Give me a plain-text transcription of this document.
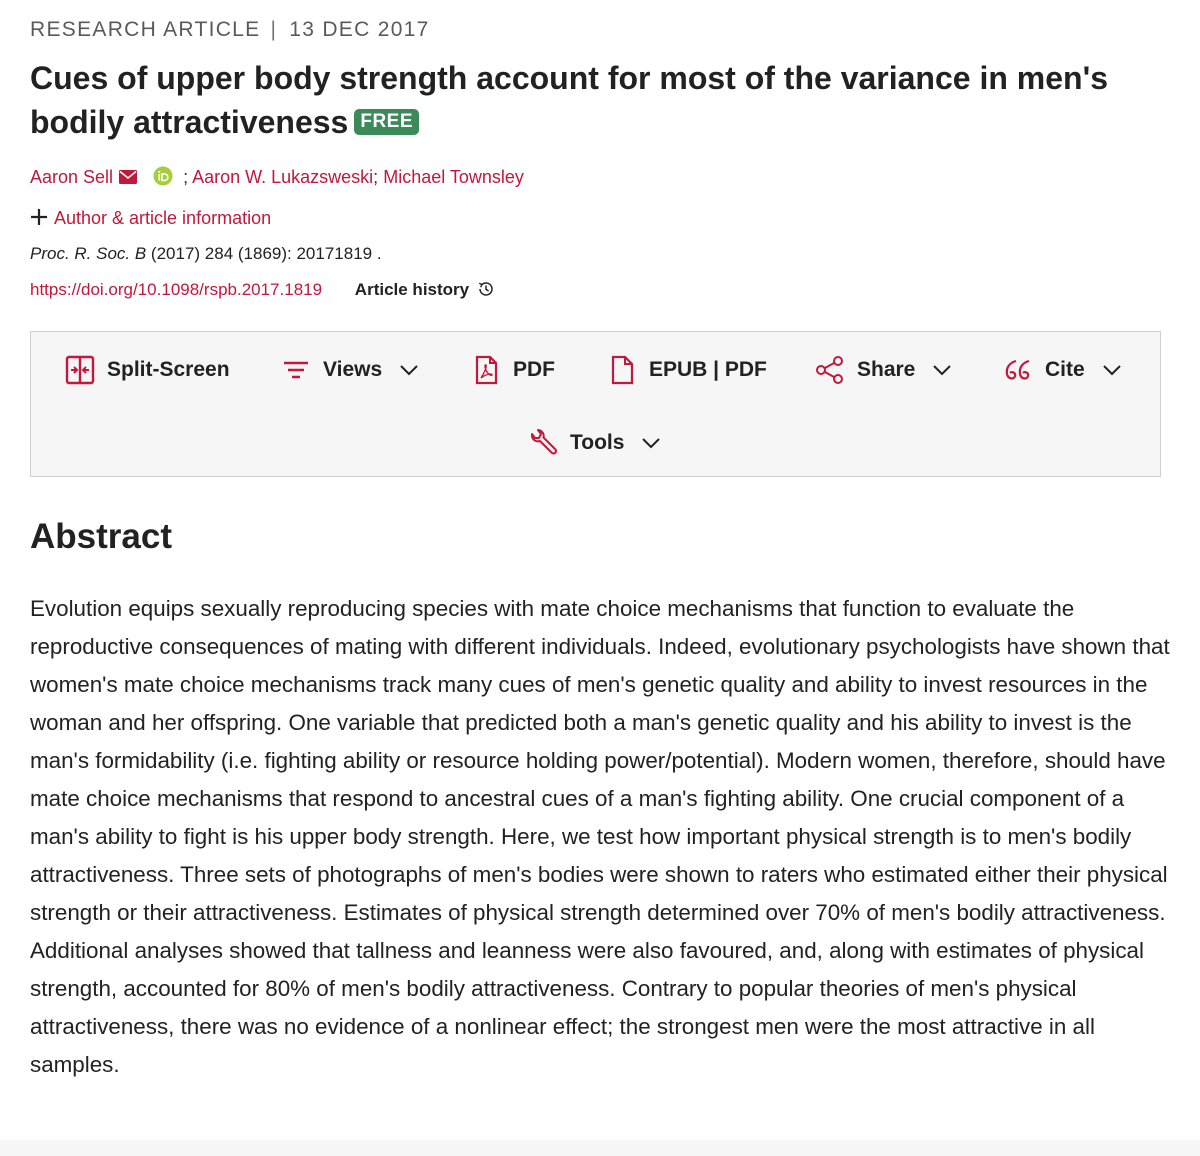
RESEARCH ARTICLE | 13 DEC 2017
Cues of upper body strength account for most of the variance in men's bodily attractiveness FREE
Aaron Sell	; Aaron W. Lukazsweski; Michael Townsley
Author & article information
Proc. R. Soc. B (2017) 284 (1869): 20171819 .
https://doi.org/10.1098/rspb.2017.1819 Article history
Split-Screen	Views	PDF	EPUB | PDF	Share	Cite
Tools
Abstract

Evolution equips sexually reproducing species with mate choice mechanisms that function to evaluate the reproductive consequences of mating with different individuals. Indeed, evolutionary psychologists have shown that women's mate choice mechanisms track many cues of men's genetic quality and ability to invest resources in the woman and her offspring. One variable that predicted both a man's genetic quality and his ability to invest is the man's formidability (i.e. fighting ability or resource holding power/potential). Modern women, therefore, should have mate choice mechanisms that respond to ancestral cues of a man's fighting ability. One crucial component of a man's ability to fight is his upper body strength. Here, we test how important physical strength is to men's bodily attractiveness. Three sets of photographs of men's bodies were shown to raters who estimated either their physical strength or their attractiveness. Estimates of physical strength determined over 70% of men's bodily attractiveness. Additional analyses showed that tallness and leanness were also favoured, and, along with estimates of physical strength, accounted for 80% of men's bodily attractiveness. Contrary to popular theories of men's physical attractiveness, there was no evidence of a nonlinear effect; the strongest men were the most attractive in all samples.
